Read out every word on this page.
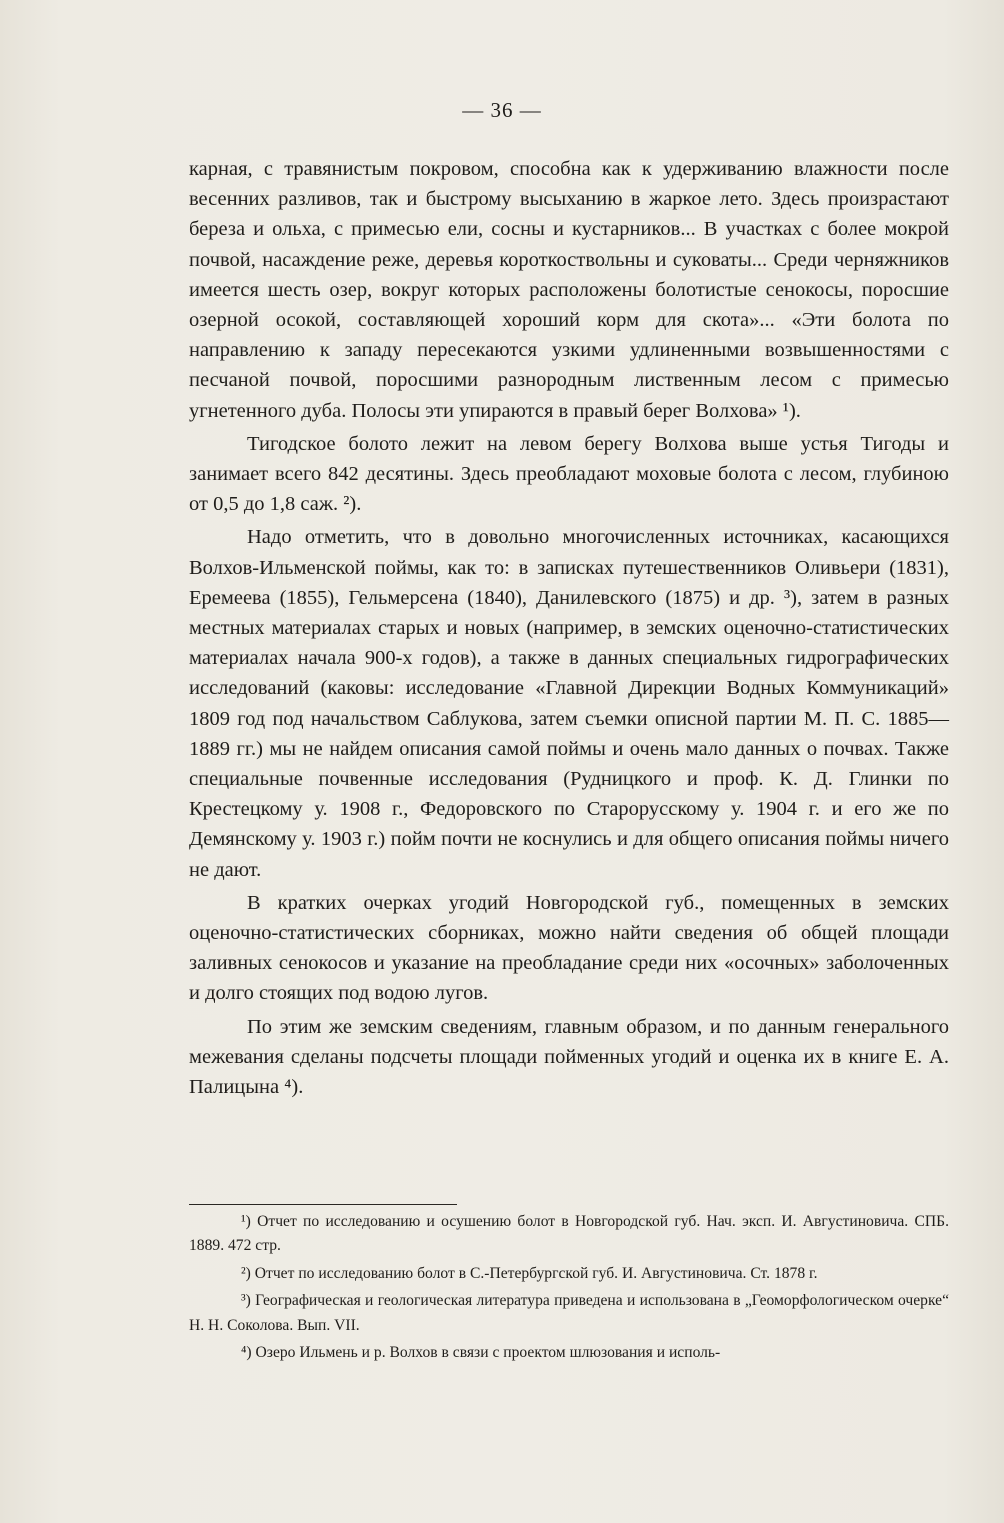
— 36 —

карная, с травянистым покровом, способна как к удерживанию влажности после весенних разливов, так и быстрому высыханию в жаркое лето. Здесь произрастают береза и ольха, с примесью ели, сосны и кустарников... В участках с более мокрой почвой, насаждение реже, деревья короткоствольны и суковаты... Среди черняжников имеется шесть озер, вокруг которых расположены болотистые сенокосы, поросшие озерной осокой, составляющей хороший корм для скота»... «Эти болота по направлению к западу пересекаются узкими удлиненными возвышенностями с песчаной почвой, поросшими разнородным лиственным лесом с примесью угнетенного дуба. Полосы эти упираются в правый берег Волхова» ¹).

Тигодское болото лежит на левом берегу Волхова выше устья Тигоды и занимает всего 842 десятины. Здесь преобладают моховые болота с лесом, глубиною от 0,5 до 1,8 саж. ²).

Надо отметить, что в довольно многочисленных источниках, касающихся Волхов-Ильменской поймы, как то: в записках путешественников Оливьери (1831), Еремеева (1855), Гельмерсена (1840), Данилевского (1875) и др. ³), затем в разных местных материалах старых и новых (например, в земских оценочно-статистических материалах начала 900-х годов), а также в данных специальных гидрографических исследований (каковы: исследование «Главной Дирекции Водных Коммуникаций» 1809 год под начальством Саблукова, затем съемки описной партии М. П. С. 1885—1889 гг.) мы не найдем описания самой поймы и очень мало данных о почвах. Также специальные почвенные исследования (Рудницкого и проф. К. Д. Глинки по Крестецкому у. 1908 г., Федоровского по Старорусскому у. 1904 г. и его же по Демянскому у. 1903 г.) пойм почти не коснулись и для общего описания поймы ничего не дают.

В кратких очерках угодий Новгородской губ., помещенных в земских оценочно-статистических сборниках, можно найти сведения об общей площади заливных сенокосов и указание на преобладание среди них «осочных» заболоченных и долго стоящих под водою лугов.

По этим же земским сведениям, главным образом, и по данным генерального межевания сделаны подсчеты площади пойменных угодий и оценка их в книге Е. А. Палицына ⁴).

¹) Отчет по исследованию и осушению болот в Новгородской губ. Нач. эксп. И. Августиновича. СПБ. 1889. 472 стр.

²) Отчет по исследованию болот в С.-Петербургской губ. И. Августиновича. Ст. 1878 г.

³) Географическая и геологическая литература приведена и использована в „Геоморфологическом очерке“ Н. Н. Соколова. Вып. VII.

⁴) Озеро Ильмень и р. Волхов в связи с проектом шлюзования и исполь-
